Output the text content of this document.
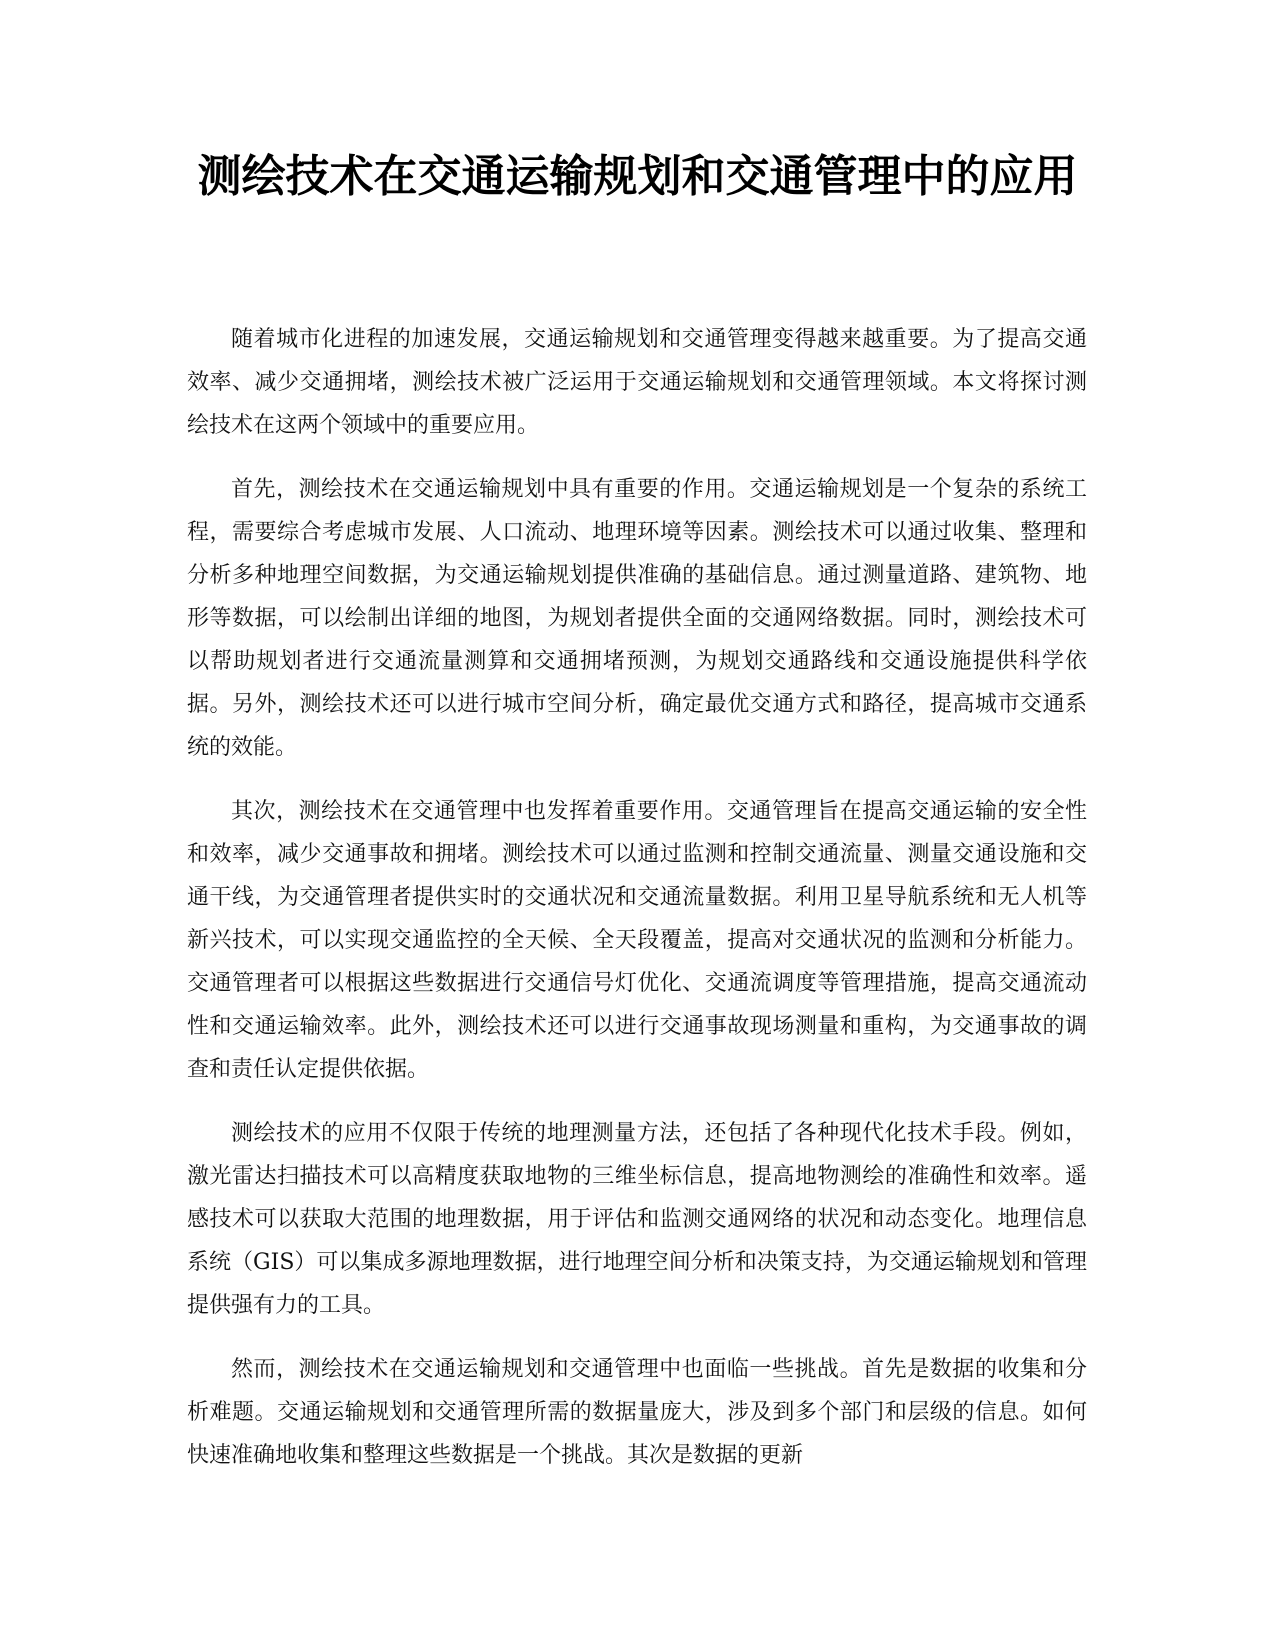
测绘技术在交通运输规划和交通管理中的应用

随着城市化进程的加速发展，交通运输规划和交通管理变得越来越重要。为了提高交通效率、减少交通拥堵，测绘技术被广泛运用于交通运输规划和交通管理领域。本文将探讨测绘技术在这两个领域中的重要应用。

首先，测绘技术在交通运输规划中具有重要的作用。交通运输规划是一个复杂的系统工程，需要综合考虑城市发展、人口流动、地理环境等因素。测绘技术可以通过收集、整理和分析多种地理空间数据，为交通运输规划提供准确的基础信息。通过测量道路、建筑物、地形等数据，可以绘制出详细的地图，为规划者提供全面的交通网络数据。同时，测绘技术可以帮助规划者进行交通流量测算和交通拥堵预测，为规划交通路线和交通设施提供科学依据。另外，测绘技术还可以进行城市空间分析，确定最优交通方式和路径，提高城市交通系统的效能。

其次，测绘技术在交通管理中也发挥着重要作用。交通管理旨在提高交通运输的安全性和效率，减少交通事故和拥堵。测绘技术可以通过监测和控制交通流量、测量交通设施和交通干线，为交通管理者提供实时的交通状况和交通流量数据。利用卫星导航系统和无人机等新兴技术，可以实现交通监控的全天候、全天段覆盖，提高对交通状况的监测和分析能力。交通管理者可以根据这些数据进行交通信号灯优化、交通流调度等管理措施，提高交通流动性和交通运输效率。此外，测绘技术还可以进行交通事故现场测量和重构，为交通事故的调查和责任认定提供依据。

测绘技术的应用不仅限于传统的地理测量方法，还包括了各种现代化技术手段。例如，激光雷达扫描技术可以高精度获取地物的三维坐标信息，提高地物测绘的准确性和效率。遥感技术可以获取大范围的地理数据，用于评估和监测交通网络的状况和动态变化。地理信息系统（GIS）可以集成多源地理数据，进行地理空间分析和决策支持，为交通运输规划和管理提供强有力的工具。

然而，测绘技术在交通运输规划和交通管理中也面临一些挑战。首先是数据的收集和分析难题。交通运输规划和交通管理所需的数据量庞大，涉及到多个部门和层级的信息。如何快速准确地收集和整理这些数据是一个挑战。其次是数据的更新
